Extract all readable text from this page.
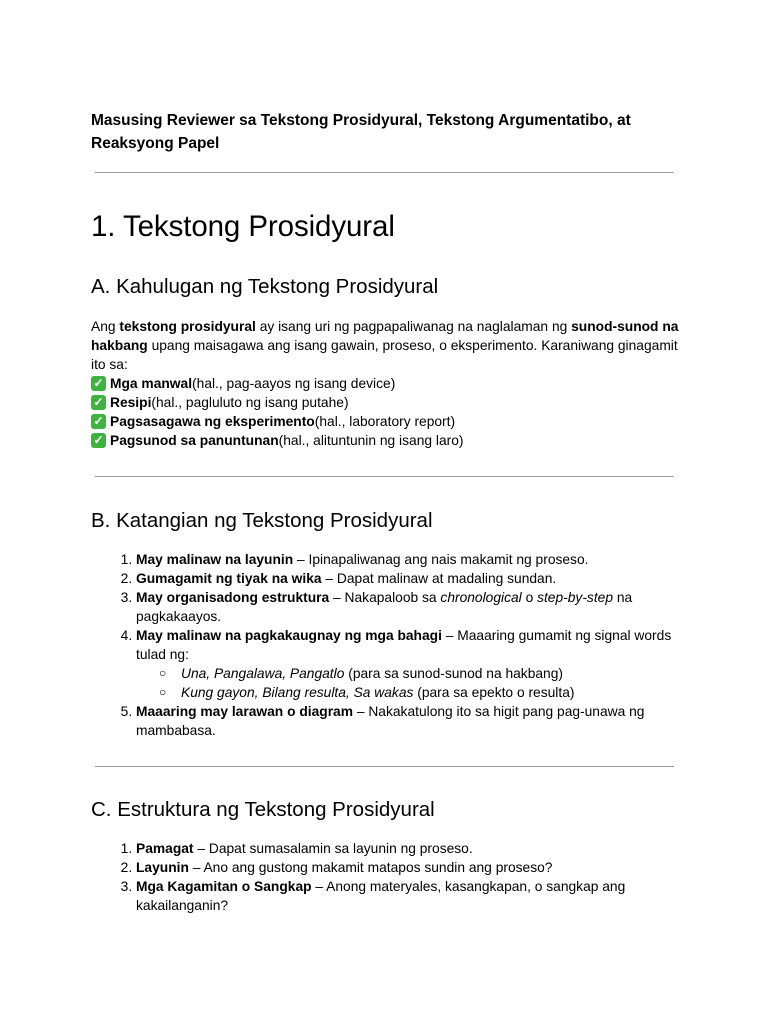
Masusing Reviewer sa Tekstong Prosidyural, Tekstong Argumentatibo, at Reaksyong Papel

1. Tekstong Prosidyural
A. Kahulugan ng Tekstong Prosidyural
Ang tekstong prosidyural ay isang uri ng pagpapaliwanag na naglalaman ng sunod-sunod na hakbang upang maisagawa ang isang gawain, proseso, o eksperimento. Karaniwang ginagamit ito sa:
✓ Mga manwal (hal., pag-aayos ng isang device)
✓ Resipi (hal., pagluluto ng isang putahe)
✓ Pagsasagawa ng eksperimento (hal., laboratory report)
✓ Pagsunod sa panuntunan (hal., alituntunin ng isang laro)
B. Katangian ng Tekstong Prosidyural
1. May malinaw na layunin – Ipinapaliwanag ang nais makamit ng proseso.
2. Gumagamit ng tiyak na wika – Dapat malinaw at madaling sundan.
3. May organisadong estruktura – Nakapaloob sa chronological o step-by-step na pagkakaayos.
4. May malinaw na pagkakaugnay ng mga bahagi – Maaaring gumamit ng signal words tulad ng:
○ Una, Pangalawa, Pangatlo (para sa sunod-sunod na hakbang)
○ Kung gayon, Bilang resulta, Sa wakas (para sa epekto o resulta)
5. Maaaring may larawan o diagram – Nakakatulong ito sa higit pang pag-unawa ng mambabasa.
C. Estruktura ng Tekstong Prosidyural
1. Pamagat – Dapat sumasalamin sa layunin ng proseso.
2. Layunin – Ano ang gustong makamit matapos sundin ang proseso?
3. Mga Kagamitan o Sangkap – Anong materyales, kasangkapan, o sangkap ang kakailanganin?
